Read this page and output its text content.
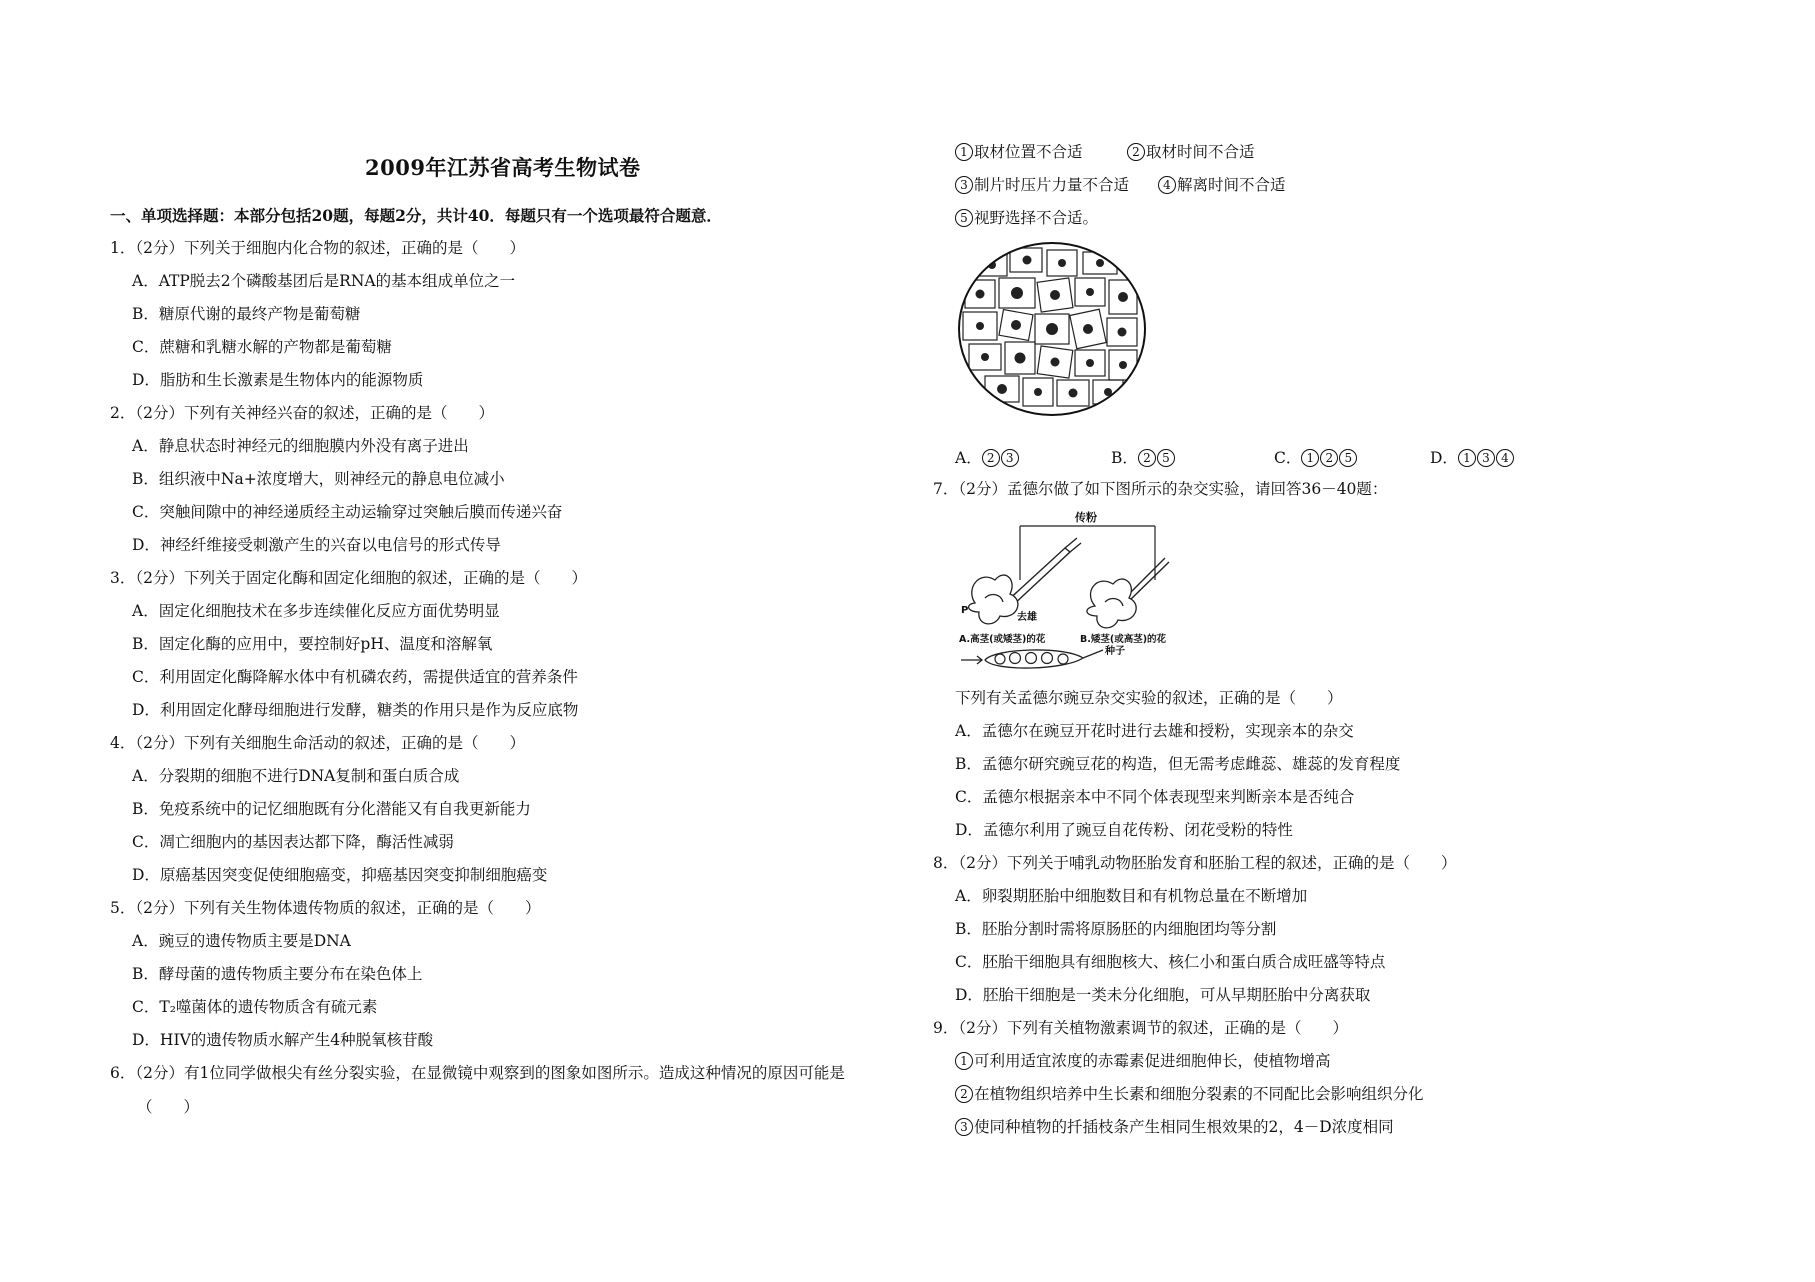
2009年江苏省高考生物试卷
一、单项选择题：本部分包括20题，每题2分，共计40．每题只有一个选项最符合题意．
1．（2分）下列关于细胞内化合物的叙述，正确的是（　　）
A．ATP脱去2个磷酸基团后是RNA的基本组成单位之一
B．糖原代谢的最终产物是葡萄糖
C．蔗糖和乳糖水解的产物都是葡萄糖
D．脂肪和生长激素是生物体内的能源物质
2．（2分）下列有关神经兴奋的叙述，正确的是（　　）
A．静息状态时神经元的细胞膜内外没有离子进出
B．组织液中Na+浓度增大，则神经元的静息电位减小
C．突触间隙中的神经递质经主动运输穿过突触后膜而传递兴奋
D．神经纤维接受刺激产生的兴奋以电信号的形式传导
3．（2分）下列关于固定化酶和固定化细胞的叙述，正确的是（　　）
A．固定化细胞技术在多步连续催化反应方面优势明显
B．固定化酶的应用中，要控制好pH、温度和溶解氧
C．利用固定化酶降解水体中有机磷农药，需提供适宜的营养条件
D．利用固定化酵母细胞进行发酵，糖类的作用只是作为反应底物
4．（2分）下列有关细胞生命活动的叙述，正确的是（　　）
A．分裂期的细胞不进行DNA复制和蛋白质合成
B．免疫系统中的记忆细胞既有分化潜能又有自我更新能力
C．凋亡细胞内的基因表达都下降，酶活性减弱
D．原癌基因突变促使细胞癌变，抑癌基因突变抑制细胞癌变
5．（2分）下列有关生物体遗传物质的叙述，正确的是（　　）
A．豌豆的遗传物质主要是DNA
B．酵母菌的遗传物质主要分布在染色体上
C．T₂噬菌体的遗传物质含有硫元素
D．HIV的遗传物质水解产生4种脱氧核苷酸
6．（2分）有1位同学做根尖有丝分裂实验，在显微镜中观察到的图象如图所示。造成这种情况的原因可能是
（　　）
1 取材位置不合适	2 取材时间不合适
3 制片时压片力量不合适	4 解离时间不合适
5 视野选择不合适。
A． 2 3	B． 2 5	C． 1 2 5	D． 1 3 4
7．（2分）孟德尔做了如下图所示的杂交实验，请回答36－40题：
传粉
P
去雄
A.高茎(或矮茎)的花	B.矮茎(或高茎)的花
种子
下列有关孟德尔豌豆杂交实验的叙述，正确的是（　　）
A．孟德尔在豌豆开花时进行去雄和授粉，实现亲本的杂交
B．孟德尔研究豌豆花的构造，但无需考虑雌蕊、雄蕊的发育程度
C．孟德尔根据亲本中不同个体表现型来判断亲本是否纯合
D．孟德尔利用了豌豆自花传粉、闭花受粉的特性
8．（2分）下列关于哺乳动物胚胎发育和胚胎工程的叙述，正确的是（　　）
A．卵裂期胚胎中细胞数目和有机物总量在不断增加
B．胚胎分割时需将原肠胚的内细胞团均等分割
C．胚胎干细胞具有细胞核大、核仁小和蛋白质合成旺盛等特点
D．胚胎干细胞是一类未分化细胞，可从早期胚胎中分离获取
9．（2分）下列有关植物激素调节的叙述，正确的是（　　）
1 可利用适宜浓度的赤霉素促进细胞伸长，使植物增高
2 在植物组织培养中生长素和细胞分裂素的不同配比会影响组织分化
3 使同种植物的扦插枝条产生相同生根效果的2，4－D浓度相同
